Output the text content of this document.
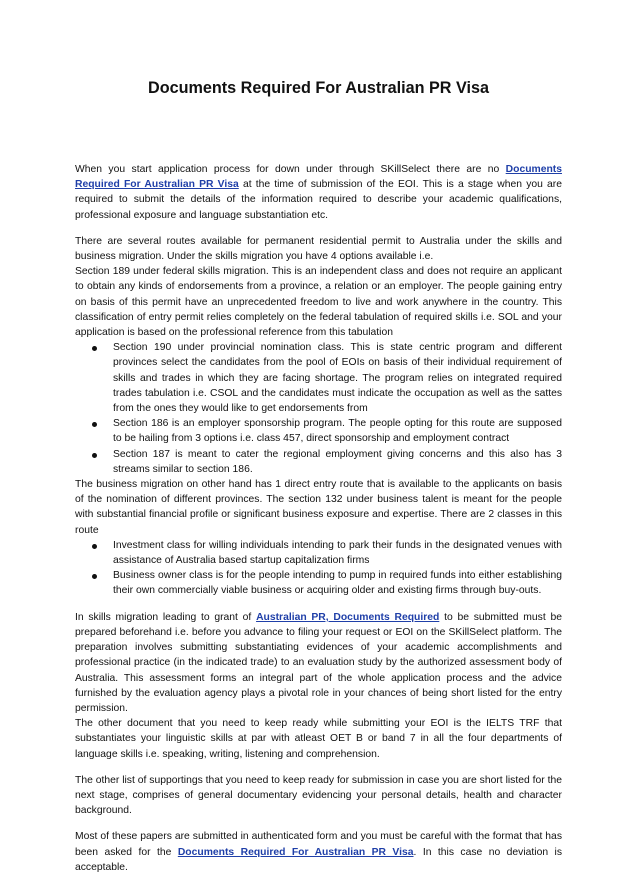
Documents Required For Australian PR Visa

When you start application process for down under through SKillSelect there are no Documents Required For Australian PR Visa at the time of submission of the EOI. This is a stage when you are required to submit the details of the information required to describe your academic qualifications, professional exposure and language substantiation etc.

There are several routes available for permanent residential permit to Australia under the skills and business migration. Under the skills migration you have 4 options available i.e.

Section 189 under federal skills migration. This is an independent class and does not require an applicant to obtain any kinds of endorsements from a province, a relation or an employer. The people gaining entry on basis of this permit have an unprecedented freedom to live and work anywhere in the country. This classification of entry permit relies completely on the federal tabulation of required skills i.e. SOL and your application is based on the professional reference from this tabulation

Section 190 under provincial nomination class. This is state centric program and different provinces select the candidates from the pool of EOIs on basis of their individual requirement of skills and trades in which they are facing shortage. The program relies on integrated required trades tabulation i.e. CSOL and the candidates must indicate the occupation as well as the sattes from the ones they would like to get endorsements from
Section 186 is an employer sponsorship program. The people opting for this route are supposed to be hailing from 3 options i.e. class 457, direct sponsorship and employment contract
Section 187 is meant to cater the regional employment giving concerns and this also has 3 streams similar to section 186.

The business migration on other hand has 1 direct entry route that is available to the applicants on basis of the nomination of different provinces. The section 132 under business talent is meant for the people with substantial financial profile or significant business exposure and expertise. There are 2 classes in this route

Investment class for willing individuals intending to park their funds in the designated venues with assistance of Australia based startup capitalization firms
Business owner class is for the people intending to pump in required funds into either establishing their own commercially viable business or acquiring older and existing firms through buy-outs.

In skills migration leading to grant of Australian PR, Documents Required to be submitted must be prepared beforehand i.e. before you advance to filing your request or EOI on the SKillSelect platform. The preparation involves submitting substantiating evidences of your academic accomplishments and professional practice (in the indicated trade) to an evaluation study by the authorized assessment body of Australia. This assessment forms an integral part of the whole application process and the advice furnished by the evaluation agency plays a pivotal role in your chances of being short listed for the entry permission.

The other document that you need to keep ready while submitting your EOI is the IELTS TRF that substantiates your linguistic skills at par with atleast OET B or band 7 in all the four departments of language skills i.e. speaking, writing, listening and comprehension.

The other list of supportings that you need to keep ready for submission in case you are short listed for the next stage, comprises of general documentary evidencing your personal details, health and character background.

Most of these papers are submitted in authenticated form and you must be careful with the format that has been asked for the Documents Required For Australian PR Visa. In this case no deviation is acceptable.
